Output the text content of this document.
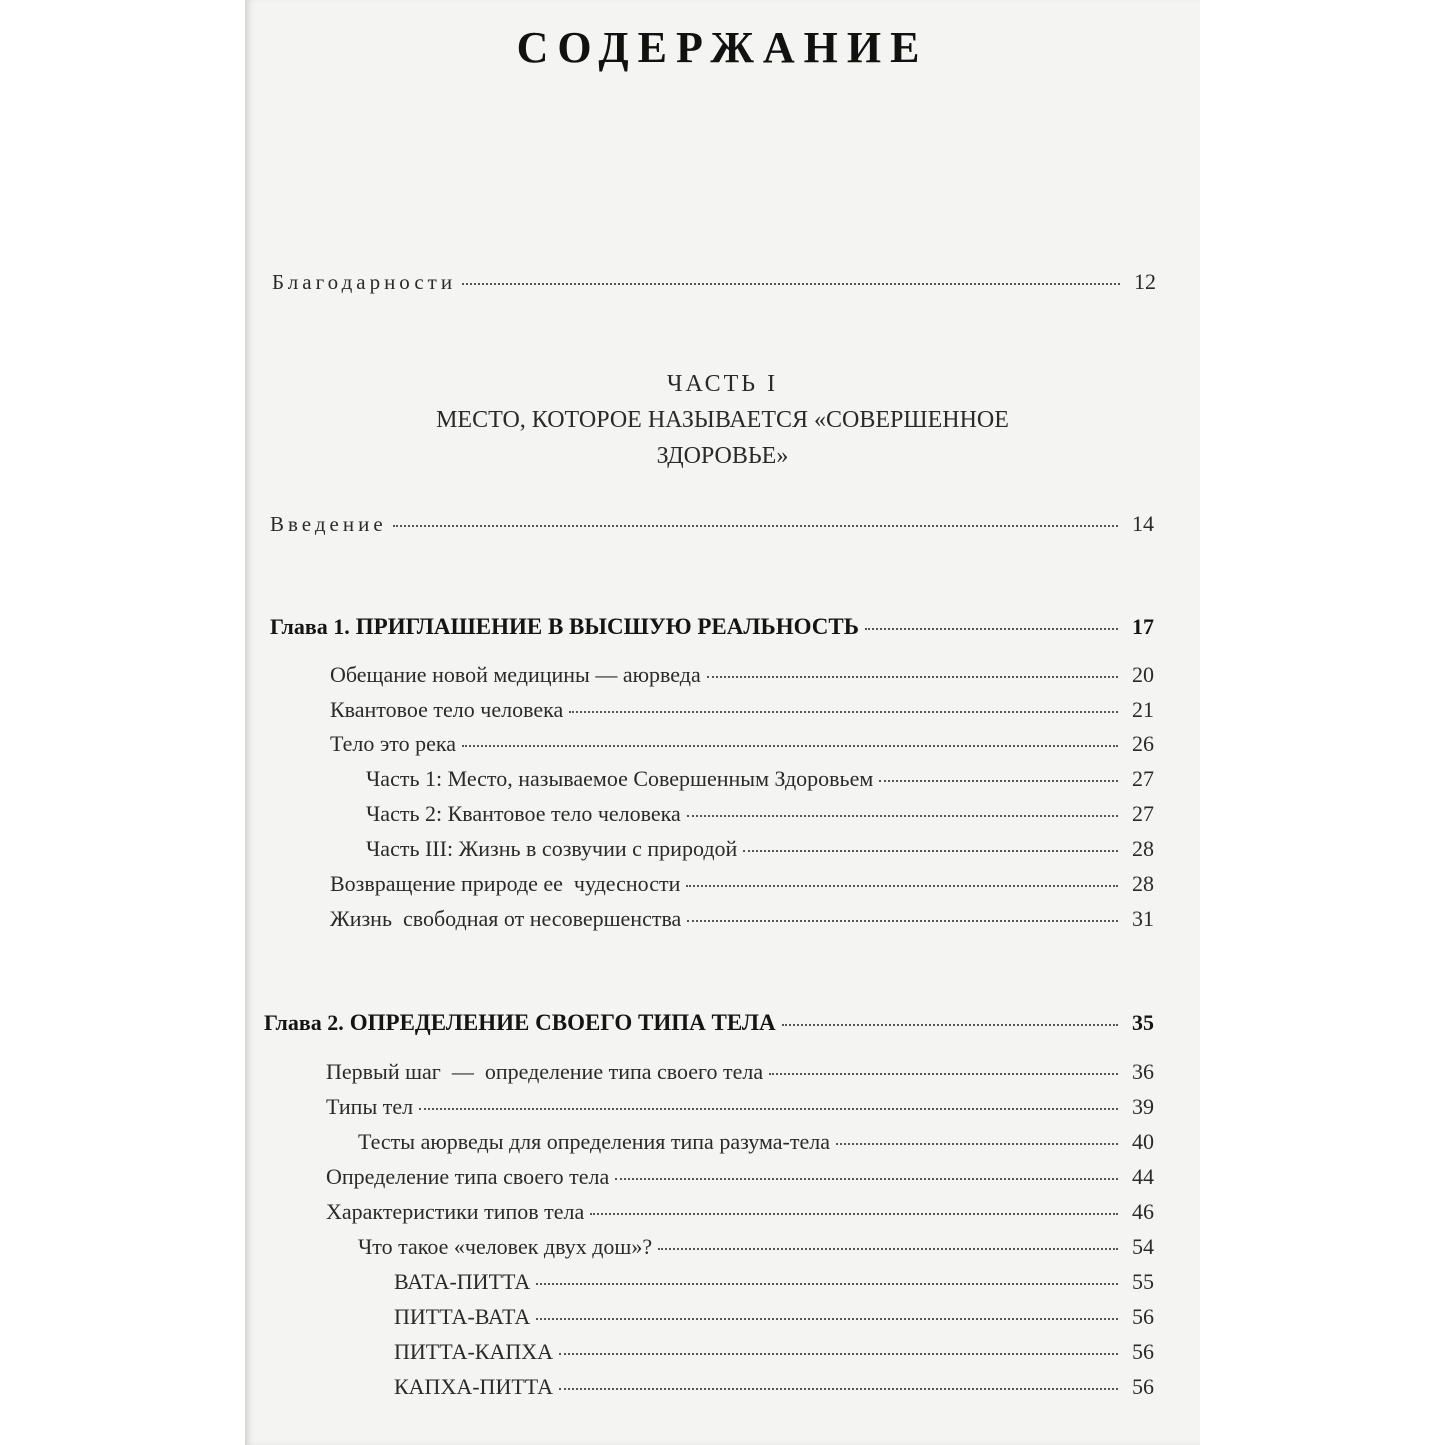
СОДЕРЖАНИЕ
Благодарности	12
ЧАСТЬ I
МЕСТО, КОТОРОЕ НАЗЫВАЕТСЯ «СОВЕРШЕННОЕ
ЗДОРОВЬЕ»
Введение	14
Глава 1. ПРИГЛАШЕНИЕ В ВЫСШУЮ РЕАЛЬНОСТЬ	17
Обещание новой медицины — аюрведа	20
Квантовое тело человека	21
Тело это река	26
Часть 1: Место, называемое Совершенным Здоровьем	27
Часть 2: Квантовое тело человека	27
Часть III: Жизнь в созвучии с природой	28
Возвращение природе ее  чудесности	28
Жизнь  свободная от несовершенства	31
Глава 2. ОПРЕДЕЛЕНИЕ СВОЕГО ТИПА ТЕЛА	35
Первый шаг  —  определение типа своего тела	36
Типы тел	39
Тесты аюрведы для определения типа разума-тела	40
Определение типа своего тела	44
Характеристики типов тела	46
Что такое «человек двух дош»?	54
ВАТА-ПИТТА	55
ПИТТА-ВАТА	56
ПИТТА-КАПХА	56
КАПХА-ПИТТА	56
